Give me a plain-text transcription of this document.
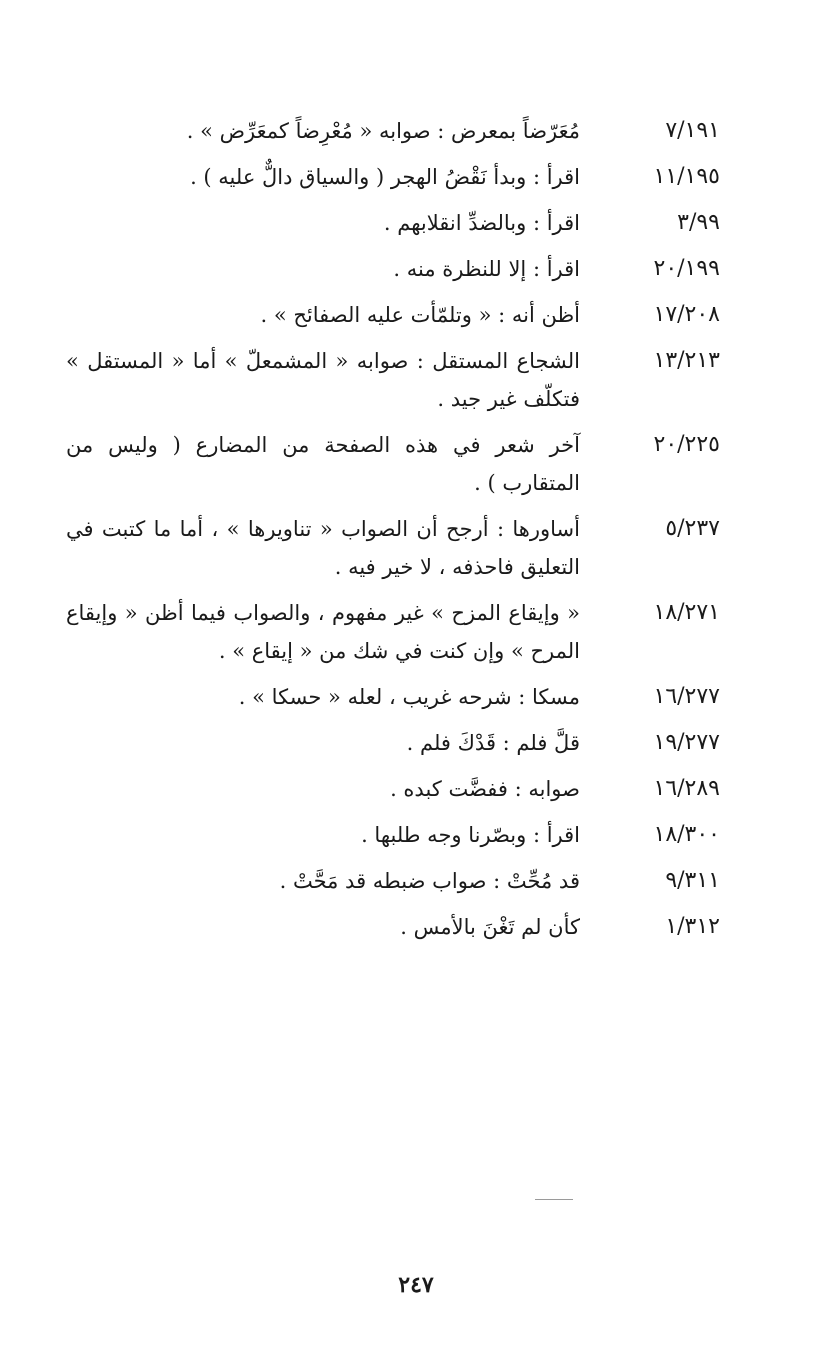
٧/١٩١
مُعَرّضاً بمعرض : صوابه « مُعْرِضاً كمعَرِّض » .
١١/١٩٥
اقرأ : وبدأ نَقْضُ الهجر ( والسياق دالٌّ عليه ) .
٣/٩٩
اقرأ : وبالضدِّ انقلابهم .
٢٠/١٩٩
اقرأ : إلا للنظرة منه .
١٧/٢٠٨
أظن أنه : « وتلمّأت عليه الصفائح » .
١٣/٢١٣
الشجاع المستقل : صوابه « المشمعلّ » أما « المستقل » فتكلّف غير جيد .
٢٠/٢٢٥
آخر شعر في هذه الصفحة من المضارع ( وليس من المتقارب ) .
٥/٢٣٧
أساورها : أرجح أن الصواب « تناويرها » ، أما ما كتبت في التعليق فاحذفه ، لا خير فيه .
١٨/٢٧١
« وإيقاع المزح » غير مفهوم ، والصواب فيما أظن « وإيقاع المرح » وإن كنت في شك من « إيقاع » .
١٦/٢٧٧
مسكا : شرحه غريب ، لعله « حسكا » .
١٩/٢٧٧
قلَّ فلم : قَدْكَ فلم .
١٦/٢٨٩
صوابه : ففضَّت كبده .
١٨/٣٠٠
اقرأ : وبصّرنا وجه طلبها .
٩/٣١١
قد مُحِّتْ : صواب ضبطه قد مَحَّتْ .
١/٣١٢
كأن لم تَغْنَ بالأمس .
٢٤٧
